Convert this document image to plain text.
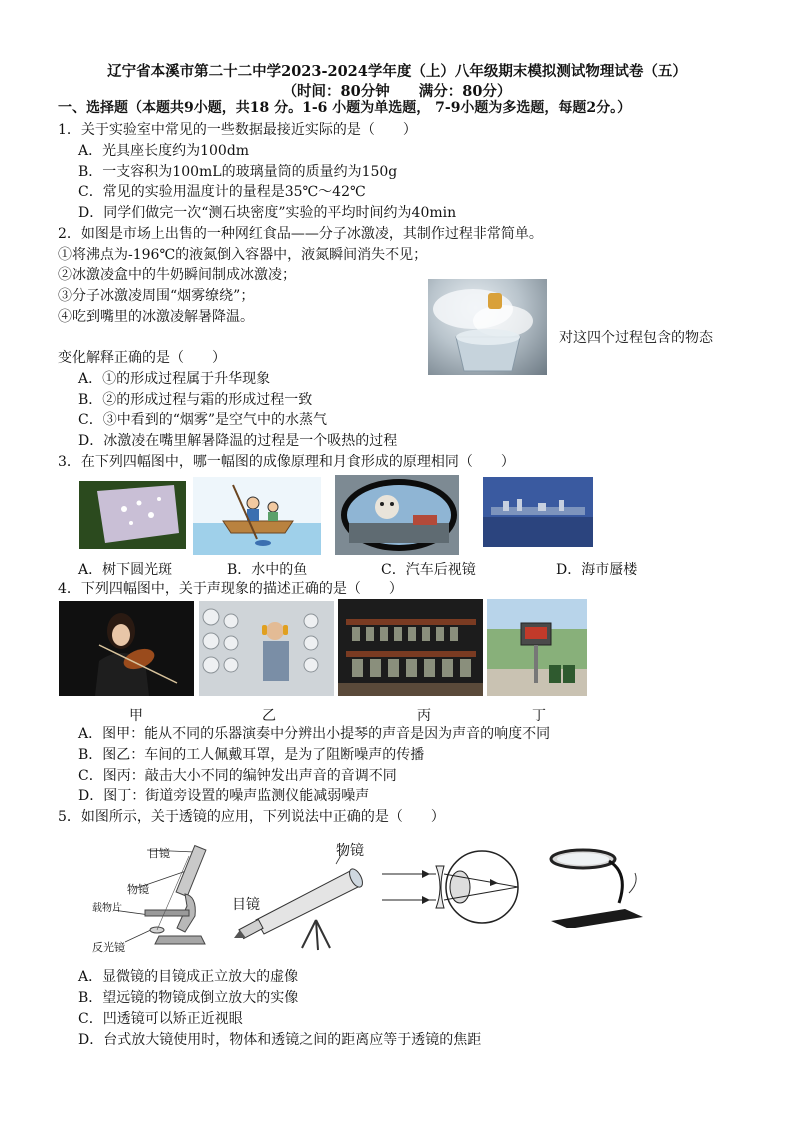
辽宁省本溪市第二十二中学2023-2024学年度（上）八年级期末模拟测试物理试卷（五）
（时间：80分钟　　满分：80分）
一、选择题（本题共9小题，共18 分。1-6 小题为单选题， 7-9小题为多选题，每题2分。）
1．关于实验室中常见的一些数据最接近实际的是（　　）
A．光具座长度约为100dm
B．一支容积为100mL的玻璃量筒的质量约为150g
C．常见的实验用温度计的量程是35℃～42℃
D．同学们做完一次“测石块密度”实验的平均时间约为40min
2．如图是市场上出售的一种网红食品——分子冰激凌，其制作过程非常简单。
①将沸点为-196℃的液氮倒入容器中，液氮瞬间消失不见；
②冰激凌盒中的牛奶瞬间制成冰激凌；
③分子冰激凌周围“烟雾缭绕”；
④吃到嘴里的冰激凌解暑降温。
对这四个过程包含的物态
变化解释正确的是（　　）
A．①的形成过程属于升华现象
B．②的形成过程与霜的形成过程一致
C．③中看到的“烟雾”是空气中的水蒸气
D．冰激凌在嘴里解暑降温的过程是一个吸热的过程
3．在下列四幅图中，哪一幅图的成像原理和月食形成的原理相同（　　）
A．树下圆光斑	B．水中的鱼	C．汽车后视镜	D．海市蜃楼
4．下列四幅图中，关于声现象的描述正确的是（　　）
甲	乙	丙	丁
A．图甲：能从不同的乐器演奏中分辨出小提琴的声音是因为声音的响度不同
B．图乙：车间的工人佩戴耳罩，是为了阻断噪声的传播
C．图丙：敲击大小不同的编钟发出声音的音调不同
D．图丁：街道旁设置的噪声监测仪能减弱噪声
5．如图所示，关于透镜的应用，下列说法中正确的是（　　）
目镜
物镜
载物片
反光镜
物镜
目镜
A．显微镜的目镜成正立放大的虚像
B．望远镜的物镜成倒立放大的实像
C．凹透镜可以矫正近视眼
D．台式放大镜使用时，物体和透镜之间的距离应等于透镜的焦距
